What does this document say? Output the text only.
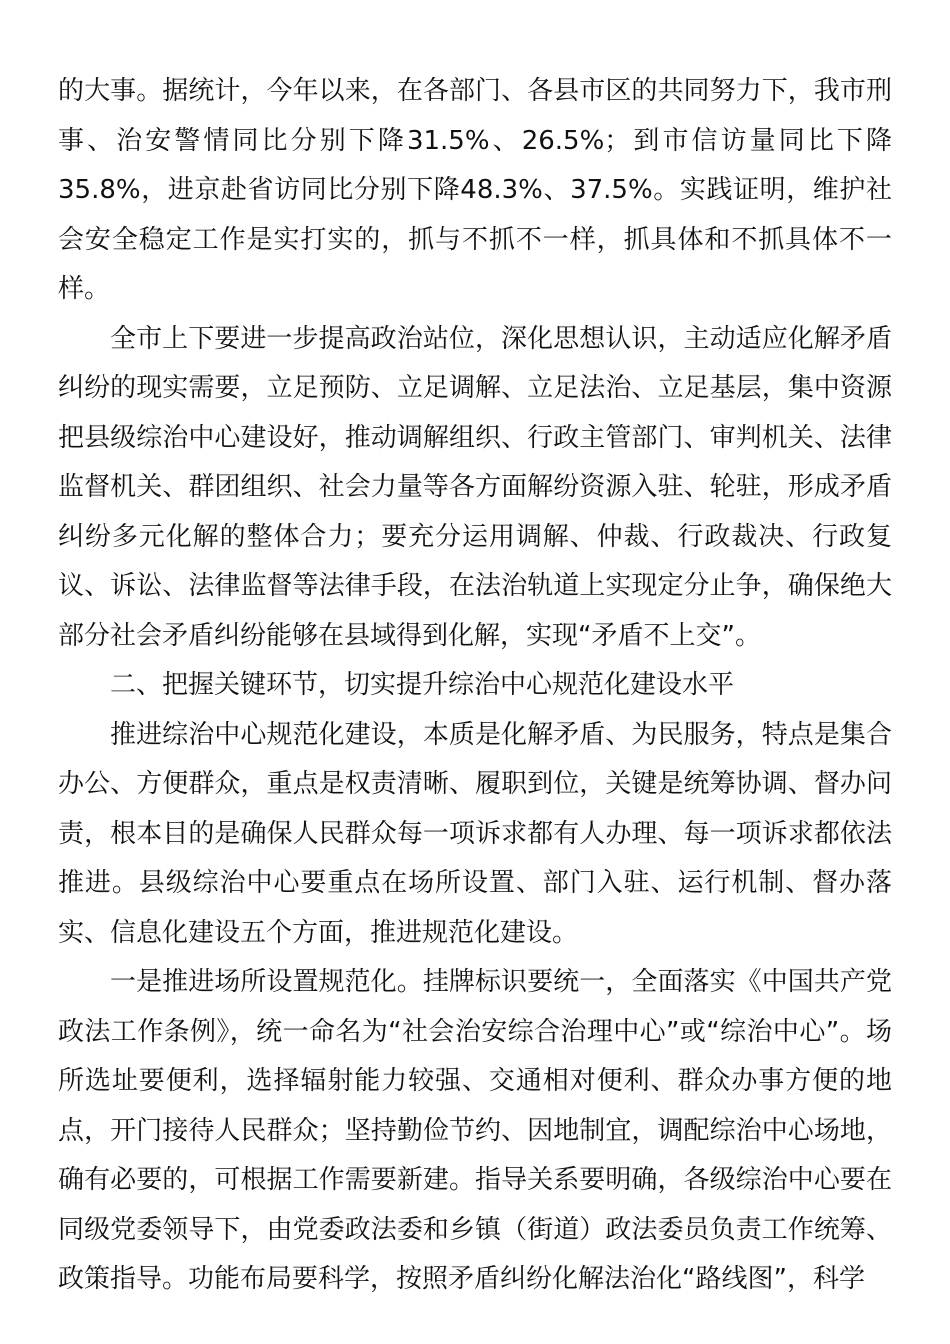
的大事。据统计，今年以来，在各部门、各县市区的共同努力下，我市刑事、治安警情同比分别下降31.5%、26.5%；到市信访量同比下降35.8%，进京赴省访同比分别下降48.3%、37.5%。实践证明，维护社会安全稳定工作是实打实的，抓与不抓不一样，抓具体和不抓具体不一样。

全市上下要进一步提高政治站位，深化思想认识，主动适应化解矛盾纠纷的现实需要，立足预防、立足调解、立足法治、立足基层，集中资源把县级综治中心建设好，推动调解组织、行政主管部门、审判机关、法律监督机关、群团组织、社会力量等各方面解纷资源入驻、轮驻，形成矛盾纠纷多元化解的整体合力；要充分运用调解、仲裁、行政裁决、行政复议、诉讼、法律监督等法律手段，在法治轨道上实现定分止争，确保绝大部分社会矛盾纠纷能够在县域得到化解，实现“矛盾不上交”。

二、把握关键环节，切实提升综治中心规范化建设水平

推进综治中心规范化建设，本质是化解矛盾、为民服务，特点是集合办公、方便群众，重点是权责清晰、履职到位，关键是统筹协调、督办问责，根本目的是确保人民群众每一项诉求都有人办理、每一项诉求都依法推进。县级综治中心要重点在场所设置、部门入驻、运行机制、督办落实、信息化建设五个方面，推进规范化建设。

一是推进场所设置规范化。挂牌标识要统一，全面落实《中国共产党政法工作条例》，统一命名为“社会治安综合治理中心”或“综治中心”。场所选址要便利，选择辐射能力较强、交通相对便利、群众办事方便的地点，开门接待人民群众；坚持勤俭节约、因地制宜，调配综治中心场地，确有必要的，可根据工作需要新建。指导关系要明确，各级综治中心要在同级党委领导下，由党委政法委和乡镇（街道）政法委员负责工作统筹、政策指导。功能布局要科学，按照矛盾纠纷化解法治化“路线图”，科学
